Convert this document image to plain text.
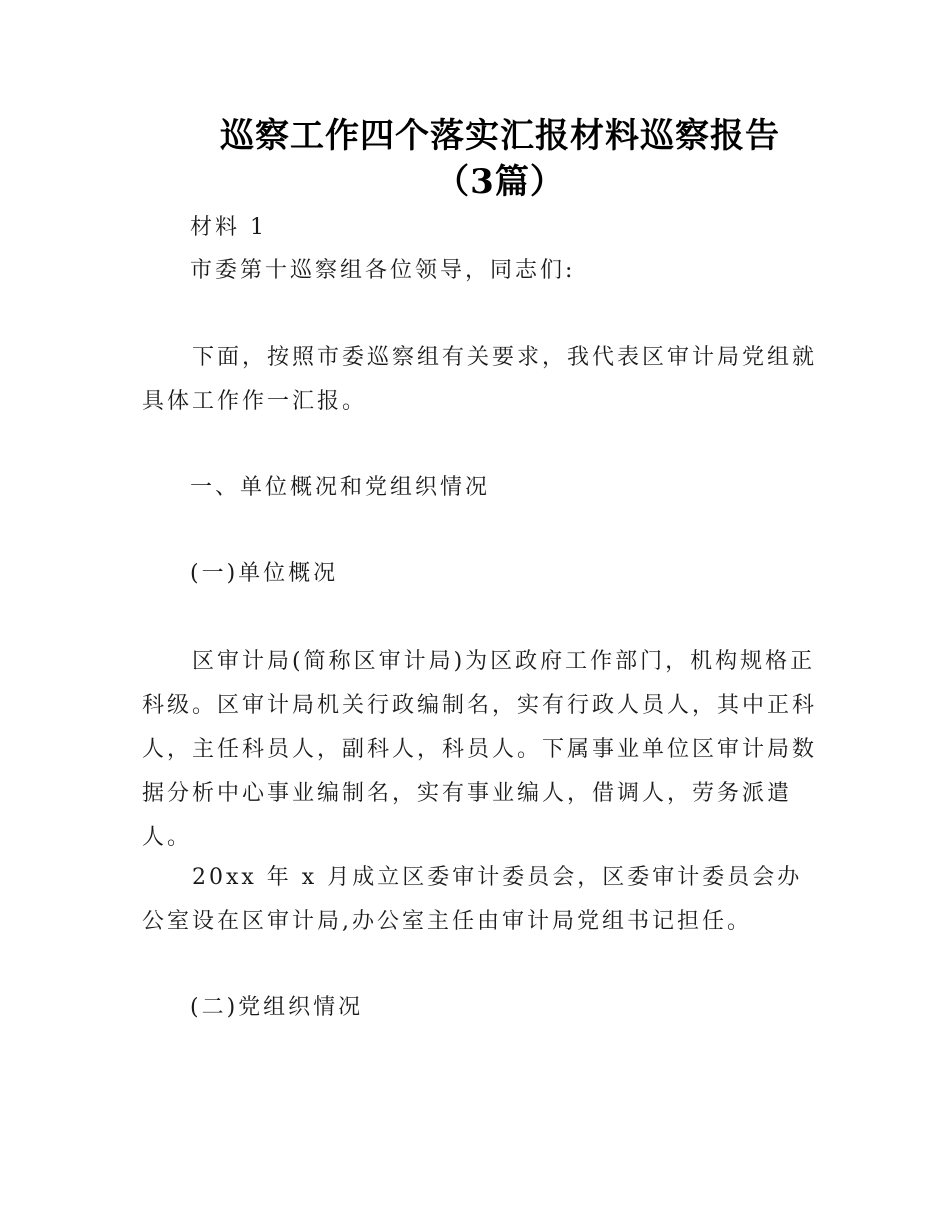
巡察工作四个落实汇报材料巡察报告
（3篇）

材料 1

市委第十巡察组各位领导，同志们:

下面，按照市委巡察组有关要求，我代表区审计局党组就具体工作作一汇报。

一、单位概况和党组织情况

(一)单位概况

区审计局(简称区审计局)为区政府工作部门，机构规格正科级。区审计局机关行政编制名，实有行政人员人，其中正科人，主任科员人，副科人，科员人。下属事业单位区审计局数据分析中心事业编制名，实有事业编人，借调人，劳务派遣人。

20xx 年 x 月成立区委审计委员会，区委审计委员会办公室设在区审计局,办公室主任由审计局党组书记担任。

(二)党组织情况
